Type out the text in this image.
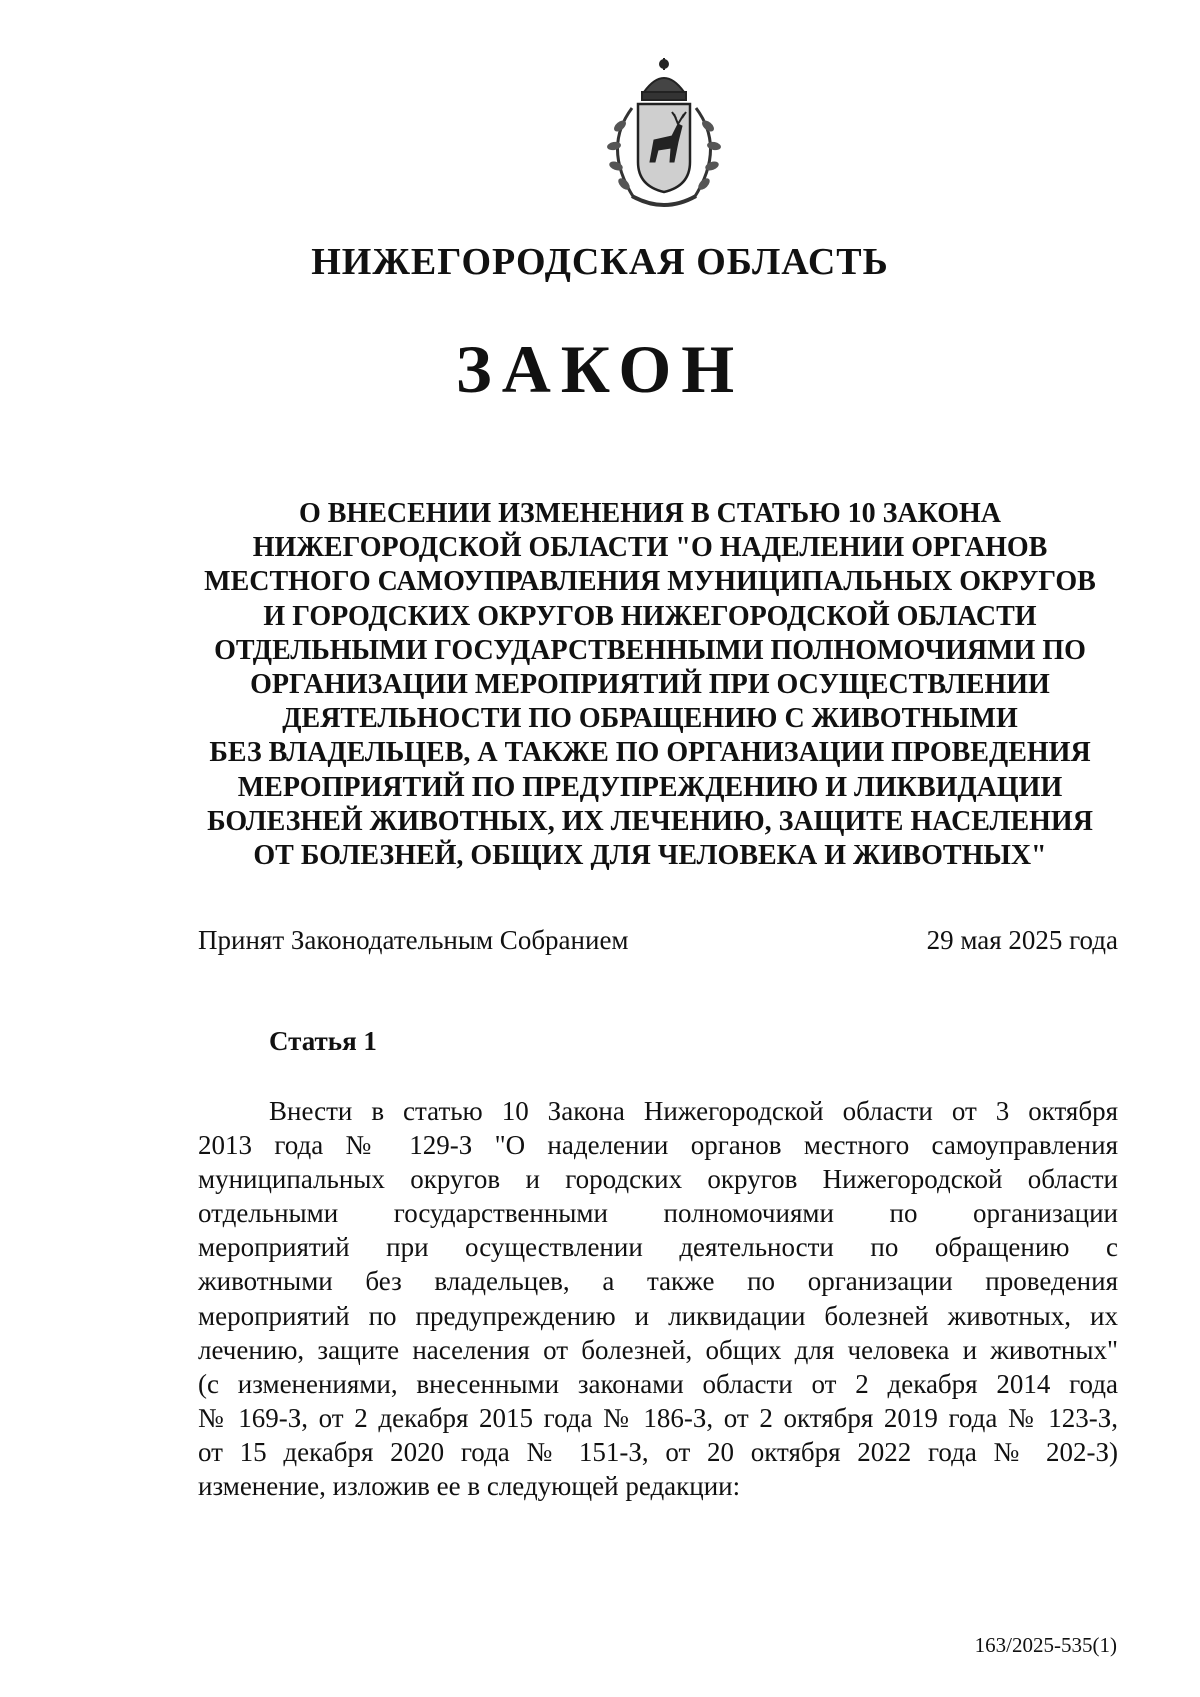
НИЖЕГОРОДСКАЯ ОБЛАСТЬ
ЗАКОН
О ВНЕСЕНИИ ИЗМЕНЕНИЯ В СТАТЬЮ 10 ЗАКОНА
НИЖЕГОРОДСКОЙ ОБЛАСТИ "О НАДЕЛЕНИИ ОРГАНОВ
МЕСТНОГО САМОУПРАВЛЕНИЯ МУНИЦИПАЛЬНЫХ ОКРУГОВ
И ГОРОДСКИХ ОКРУГОВ НИЖЕГОРОДСКОЙ ОБЛАСТИ
ОТДЕЛЬНЫМИ ГОСУДАРСТВЕННЫМИ ПОЛНОМОЧИЯМИ ПО
ОРГАНИЗАЦИИ МЕРОПРИЯТИЙ ПРИ ОСУЩЕСТВЛЕНИИ
ДЕЯТЕЛЬНОСТИ ПО ОБРАЩЕНИЮ С ЖИВОТНЫМИ
БЕЗ ВЛАДЕЛЬЦЕВ, А ТАКЖЕ ПО ОРГАНИЗАЦИИ ПРОВЕДЕНИЯ
МЕРОПРИЯТИЙ ПО ПРЕДУПРЕЖДЕНИЮ И ЛИКВИДАЦИИ
БОЛЕЗНЕЙ ЖИВОТНЫХ, ИХ ЛЕЧЕНИЮ, ЗАЩИТЕ НАСЕЛЕНИЯ
ОТ БОЛЕЗНЕЙ, ОБЩИХ ДЛЯ ЧЕЛОВЕКА И ЖИВОТНЫХ"
Принят Законодательным Собранием	29 мая 2025 года
Статья 1
Внести в статью 10 Закона Нижегородской области от 3 октября
2013 года № 129-З "О наделении органов местного самоуправления
муниципальных округов и городских округов Нижегородской области
отдельными государственными полномочиями по организации
мероприятий при осуществлении деятельности по обращению с
животными без владельцев, а также по организации проведения
мероприятий по предупреждению и ликвидации болезней животных, их
лечению, защите населения от болезней, общих для человека и животных"
(с изменениями, внесенными законами области от 2 декабря 2014 года
№ 169-З, от 2 декабря 2015 года № 186-З, от 2 октября 2019 года № 123-З,
от 15 декабря 2020 года № 151-З, от 20 октября 2022 года № 202-З)
изменение, изложив ее в следующей редакции:
163/2025-535(1)
